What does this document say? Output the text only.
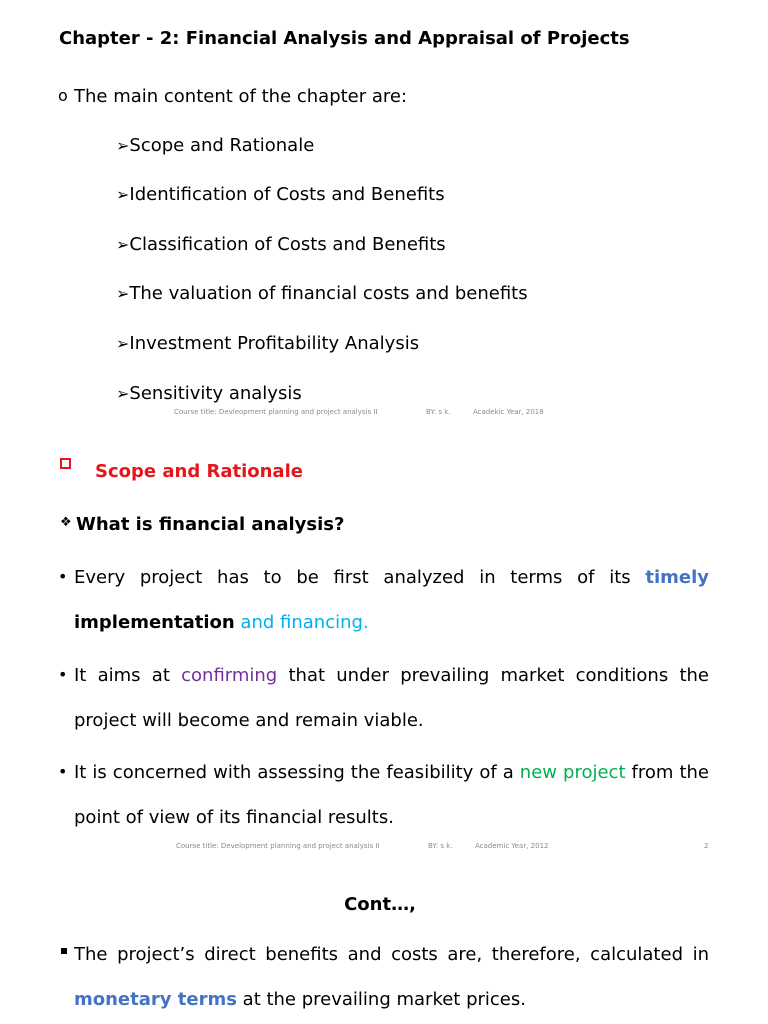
Chapter - 2: Financial Analysis and Appraisal of Projects
o The main content of the chapter are:
➢Scope and Rationale
➢Identification of Costs and Benefits
➢Classification of Costs and Benefits
➢The valuation of financial costs and benefits
➢Investment Profitability Analysis
➢Sensitivity analysis
Course title: Devleopment planning and project analysis II	BY: s k.	Acadekic Year, 2018
Scope and Rationale
❖ What is financial analysis?
• Every project has to be first analyzed in terms of its timely implementation and financing.
• It aims at confirming that under prevailing market conditions the project will become and remain viable.
• It is concerned with assessing the feasibility of a new project from the point of view of its financial results.
Course title: Development planning and project analysis II	BY: s k.	Academic Year, 2012	2
Cont…,
The project’s direct benefits and costs are, therefore, calculated in monetary terms at the prevailing market prices.
